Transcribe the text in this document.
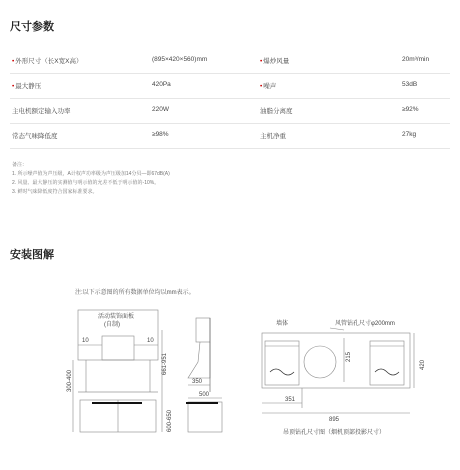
尺寸参数
•外形尺寸（长X宽X高）	(895×420×560)mm	•爆炒风量	20m³/min
•最大静压	420Pa	•噪声	53dB
主电机额定输入功率	220W	油脂分离度	≥92%
常态气味降低度	≥98%	主机净重	27kg
备注：
1. 所示噪声值为声压级，A计权声功率级为声压级加14分贝—即67dB(A)
2. 风量、最大静压的实测值与明示值的允差不低于明示值的-10%。
3. 鲜时气味降低度符合国家标准要求。
安装图解
注:以下示意图的所有数据单位均以mm表示。
活动装饰面板
(自制)
10	10
300-400
600-650
661-951
350
500
墙体	风管钻孔尺寸φ200mm
215
420
351
895
吊顶钻孔尺寸图（烟机顶部投影尺寸）
